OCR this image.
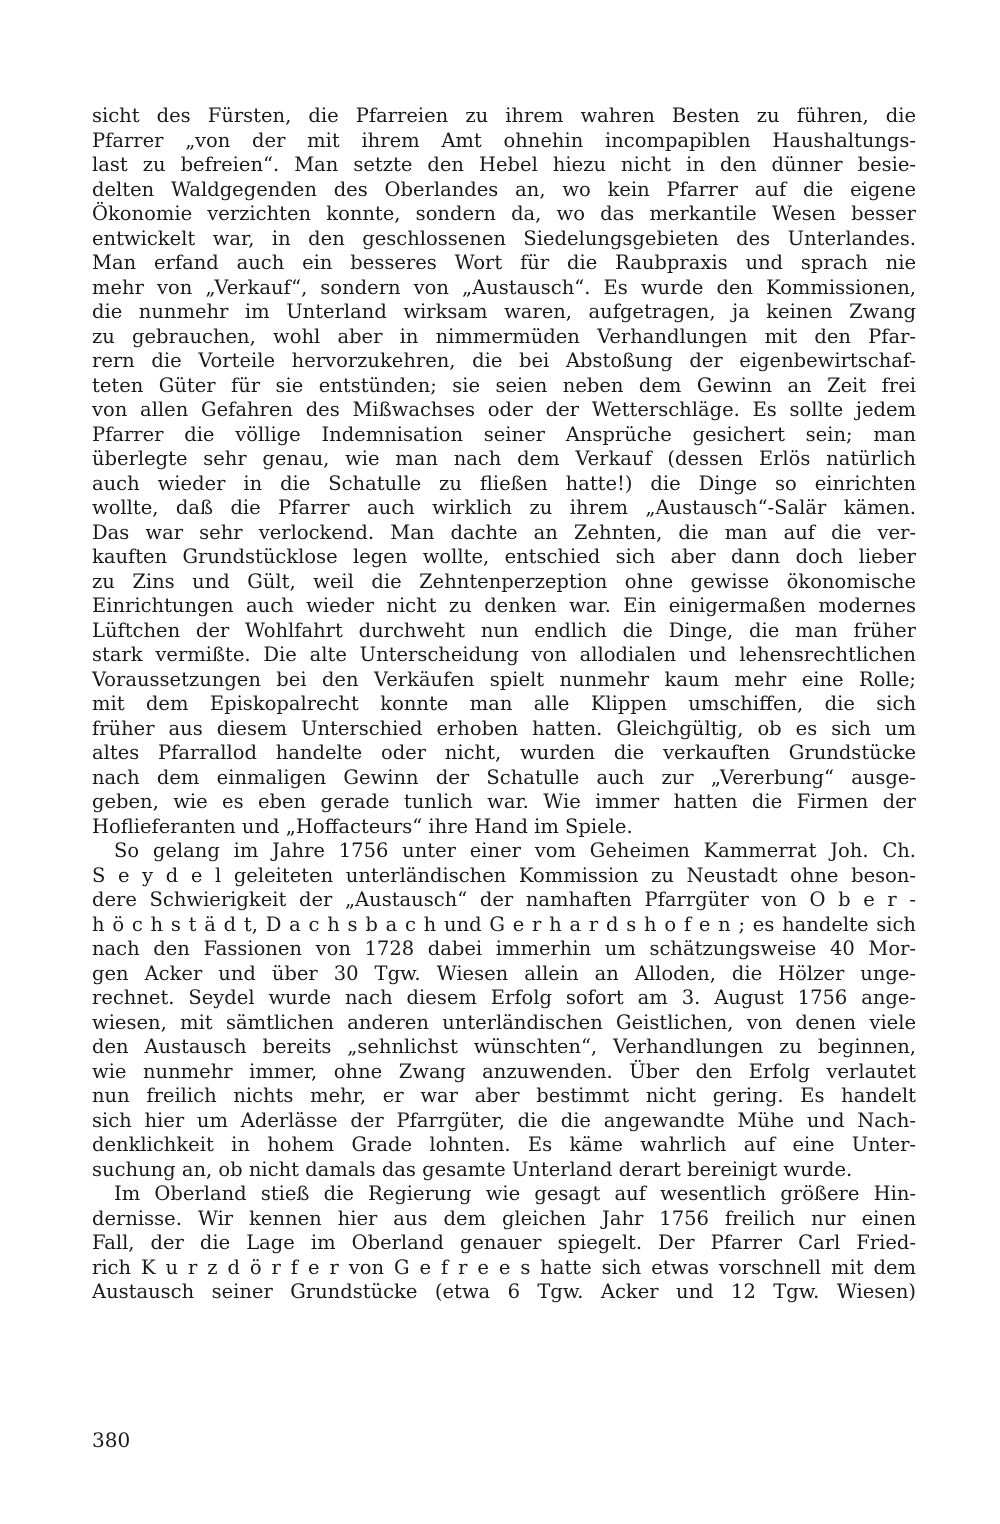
sicht des Fürsten, die Pfarreien zu ihrem wahren Besten zu führen, die
Pfarrer „von der mit ihrem Amt ohnehin incompapiblen Haushaltungs-
last zu befreien“. Man setzte den Hebel hiezu nicht in den dünner besie-
delten Waldgegenden des Oberlandes an, wo kein Pfarrer auf die eigene
Ökonomie verzichten konnte, sondern da, wo das merkantile Wesen besser
entwickelt war, in den geschlossenen Siedelungsgebieten des Unterlandes.
Man erfand auch ein besseres Wort für die Raubpraxis und sprach nie
mehr von „Verkauf“, sondern von „Austausch“. Es wurde den Kommissionen,
die nunmehr im Unterland wirksam waren, aufgetragen, ja keinen Zwang
zu gebrauchen, wohl aber in nimmermüden Verhandlungen mit den Pfar-
rern die Vorteile hervorzukehren, die bei Abstoßung der eigenbewirtschaf-
teten Güter für sie entstünden; sie seien neben dem Gewinn an Zeit frei
von allen Gefahren des Mißwachses oder der Wetterschläge. Es sollte jedem
Pfarrer die völlige Indemnisation seiner Ansprüche gesichert sein; man
überlegte sehr genau, wie man nach dem Verkauf (dessen Erlös natürlich
auch wieder in die Schatulle zu fließen hatte!) die Dinge so einrichten
wollte, daß die Pfarrer auch wirklich zu ihrem „Austausch“-Salär kämen.
Das war sehr verlockend. Man dachte an Zehnten, die man auf die ver-
kauften Grundstücklose legen wollte, entschied sich aber dann doch lieber
zu Zins und Gült, weil die Zehntenperzeption ohne gewisse ökonomische
Einrichtungen auch wieder nicht zu denken war. Ein einigermaßen modernes
Lüftchen der Wohlfahrt durchweht nun endlich die Dinge, die man früher
stark vermißte. Die alte Unterscheidung von allodialen und lehensrechtlichen
Voraussetzungen bei den Verkäufen spielt nunmehr kaum mehr eine Rolle;
mit dem Episkopalrecht konnte man alle Klippen umschiffen, die sich
früher aus diesem Unterschied erhoben hatten. Gleichgültig, ob es sich um
altes Pfarrallod handelte oder nicht, wurden die verkauften Grundstücke
nach dem einmaligen Gewinn der Schatulle auch zur „Vererbung“ ausge-
geben, wie es eben gerade tunlich war. Wie immer hatten die Firmen der
Hoflieferanten und „Hoffacteurs“ ihre Hand im Spiele.
So gelang im Jahre 1756 unter einer vom Geheimen Kammerrat Joh. Ch.
S e y d e l geleiteten unterländischen Kommission zu Neustadt ohne beson-
dere Schwierigkeit der „Austausch“ der namhaften Pfarrgüter von O b e r -
h ö c h s t ä d t, D a c h s b a c h und G e r h a r d s h o f e n ; es handelte sich
nach den Fassionen von 1728 dabei immerhin um schätzungsweise 40 Mor-
gen Acker und über 30 Tgw. Wiesen allein an Alloden, die Hölzer unge-
rechnet. Seydel wurde nach diesem Erfolg sofort am 3. August 1756 ange-
wiesen, mit sämtlichen anderen unterländischen Geistlichen, von denen viele
den Austausch bereits „sehnlichst wünschten“, Verhandlungen zu beginnen,
wie nunmehr immer, ohne Zwang anzuwenden. Über den Erfolg verlautet
nun freilich nichts mehr, er war aber bestimmt nicht gering. Es handelt
sich hier um Aderlässe der Pfarrgüter, die die angewandte Mühe und Nach-
denklichkeit in hohem Grade lohnten. Es käme wahrlich auf eine Unter-
suchung an, ob nicht damals das gesamte Unterland derart bereinigt wurde.
Im Oberland stieß die Regierung wie gesagt auf wesentlich größere Hin-
dernisse. Wir kennen hier aus dem gleichen Jahr 1756 freilich nur einen
Fall, der die Lage im Oberland genauer spiegelt. Der Pfarrer Carl Fried-
rich K u r z d ö r f e r von G e f r e e s hatte sich etwas vorschnell mit dem
Austausch seiner Grundstücke (etwa 6 Tgw. Acker und 12 Tgw. Wiesen)
380
